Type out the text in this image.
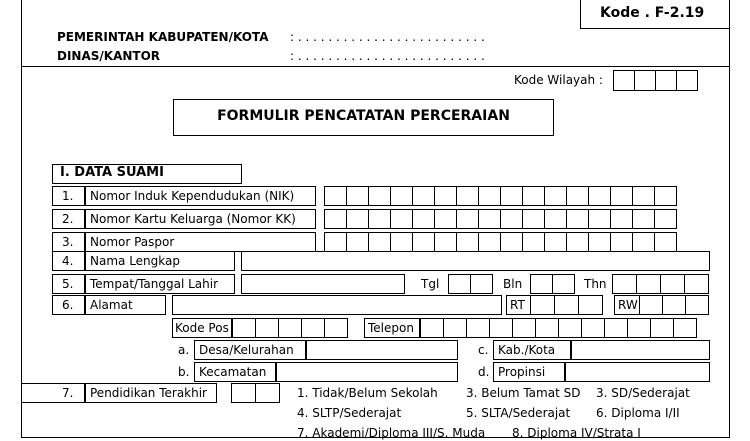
Kode . F-2.19
PEMERINTAH KABUPATEN/KOTA : . . . . . . . . . . . . . . . . . . . . . . . . .
DINAS/KANTOR	: . . . . . . . . . . . . . . . . . . . . . . . . .
Kode Wilayah :
FORMULIR PENCATATAN PERCERAIAN
I. DATA SUAMI
1. Nomor Induk Kependudukan (NIK)
2. Nomor Kartu Keluarga (Nomor KK)
3. Nomor Paspor
4. Nama Lengkap
5. Tempat/Tanggal Lahir	Tgl	Bln	Thn
6. Alamat	RT	RW
Kode Pos	Telepon
a. Desa/Kelurahan	c. Kab./Kota
b. Kecamatan	d. Propinsi
7. Pendidikan Terakhir	1. Tidak/Belum Sekolah 3. Belum Tamat SD 3. SD/Sederajat
4. SLTP/Sederajat	5. SLTA/Sederajat 6. Diploma I/II
7. Akademi/Diploma III/S. Muda 8. Diploma IV/Strata I
